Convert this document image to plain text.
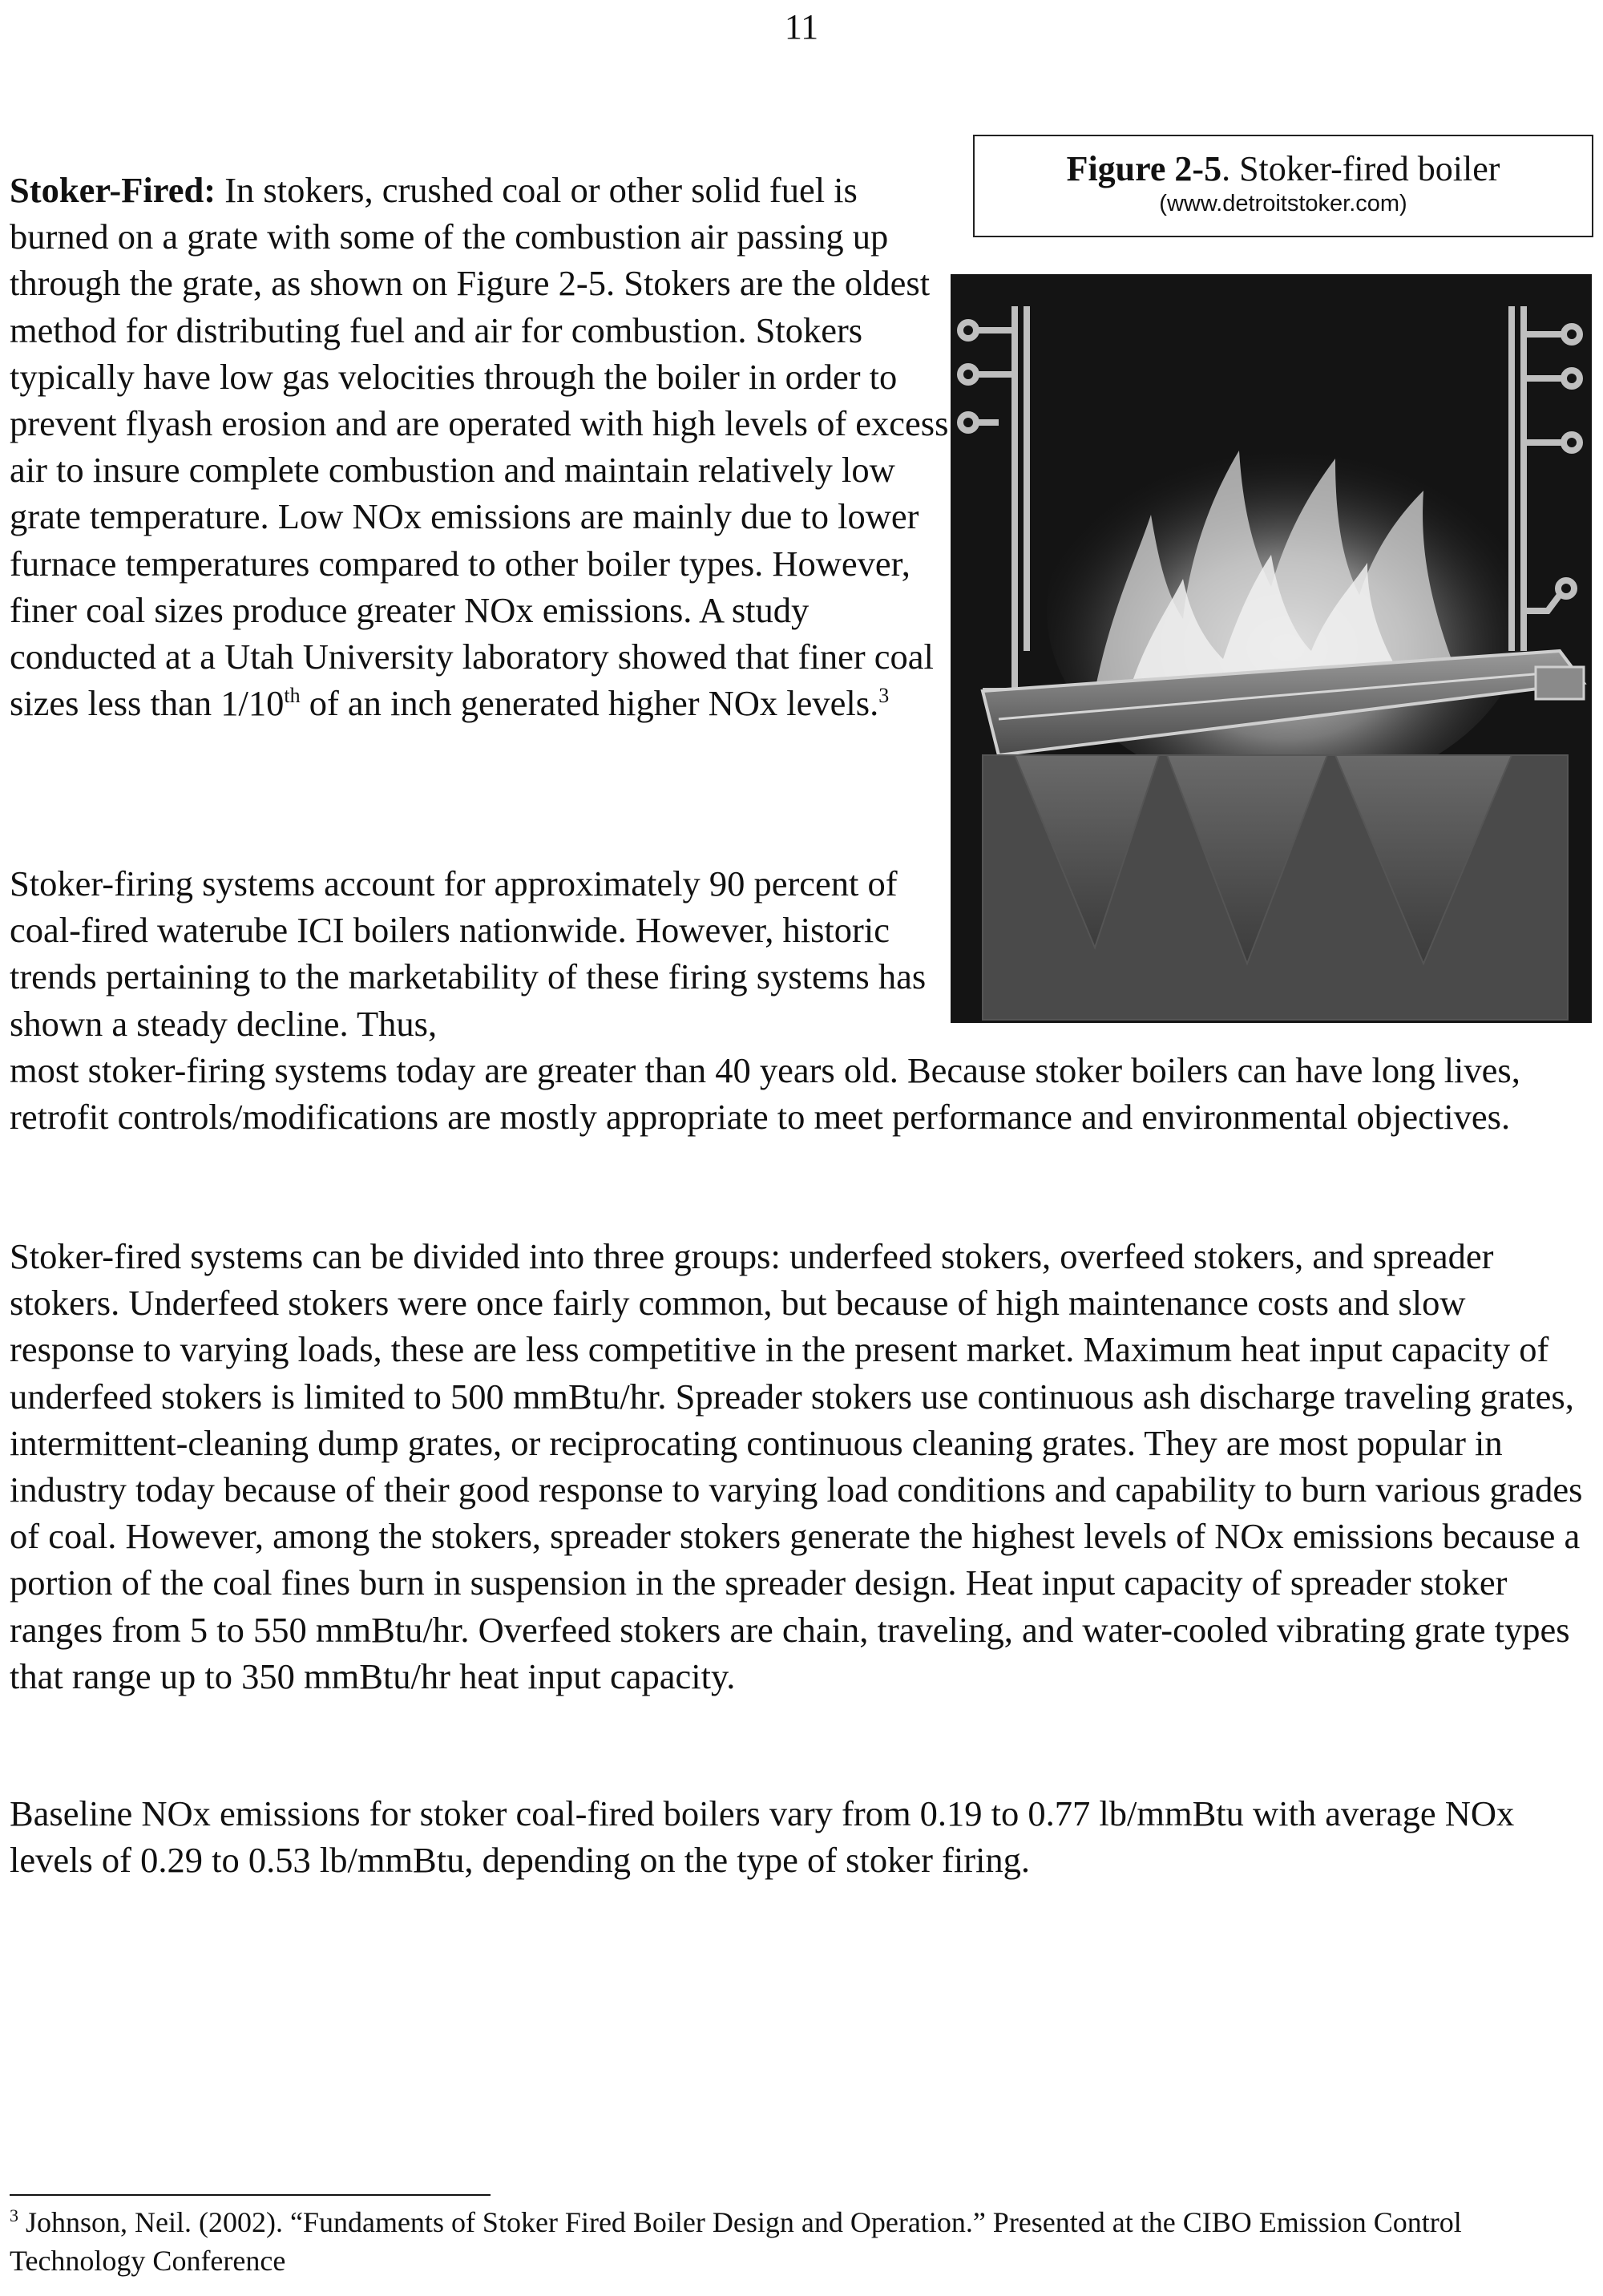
11

Stoker-Fired: In stokers, crushed coal or other solid fuel is burned on a grate with some of the combustion air passing up through the grate, as shown on Figure 2-5. Stokers are the oldest method for distributing fuel and air for combustion. Stokers typically have low gas velocities through the boiler in order to prevent flyash erosion and are operated with high levels of excess air to insure complete combustion and maintain relatively low grate temperature. Low NOx emissions are mainly due to lower furnace temperatures compared to other boiler types. However, finer coal sizes produce greater NOx emissions. A study conducted at a Utah University laboratory showed that finer coal sizes less than 1/10th of an inch generated higher NOx levels.$^3$

Stoker-firing systems account for approximately 90 percent of coal-fired waterube ICI boilers nationwide. However, historic trends pertaining to the marketability of these firing systems has shown a steady decline. Thus,

most stoker-firing systems today are greater than 40 years old. Because stoker boilers can have long lives, retrofit controls/modifications are mostly appropriate to meet performance and environmental objectives.

Stoker-fired systems can be divided into three groups: underfeed stokers, overfeed stokers, and spreader stokers. Underfeed stokers were once fairly common, but because of high maintenance costs and slow response to varying loads, these are less competitive in the present market. Maximum heat input capacity of underfeed stokers is limited to 500 mmBtu/hr. Spreader stokers use continuous ash discharge traveling grates, intermittent-cleaning dump grates, or reciprocating continuous cleaning grates. They are most popular in industry today because of their good response to varying load conditions and capability to burn various grades of coal. However, among the stokers, spreader stokers generate the highest levels of NOx emissions because a portion of the coal fines burn in suspension in the spreader design. Heat input capacity of spreader stoker ranges from 5 to 550 mmBtu/hr. Overfeed stokers are chain, traveling, and water-cooled vibrating grate types that range up to 350 mmBtu/hr heat input capacity.

Baseline NOx emissions for stoker coal-fired boilers vary from 0.19 to 0.77 lb/mmBtu with average NOx levels of 0.29 to 0.53 lb/mmBtu, depending on the type of stoker firing.

Figure 2-5. Stoker-fired boiler
(www.detroitstoker.com)

$^3$ Johnson, Neil. (2002). “Fundaments of Stoker Fired Boiler Design and Operation.” Presented at the CIBO Emission Control Technology Conference
